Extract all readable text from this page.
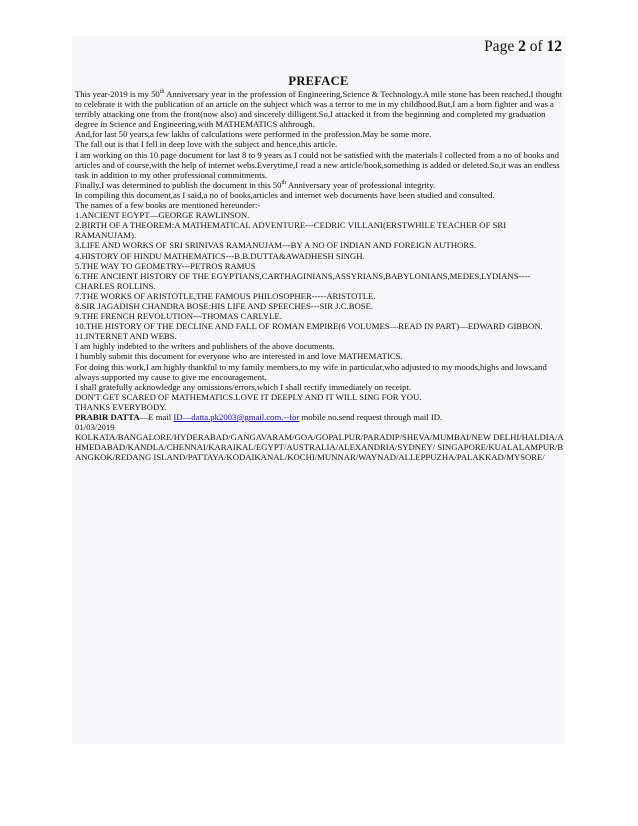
Page 2 of 12
PREFACE

This year-2019 is my 50th Anniversary year in the profession of Engineering,Science & Technology.A mile stone has been reached.I thought to celebrate it with the publication of an article on the subject which was a terror to me in my childhood.But,I am a born fighter and was a terribly attacking one from the front(now also) and sincerely dilligent.So,I attacked it from the beginning and completed my graduation degree in Science and Engineering,with MATHEMATICS althrough.

And,for last 50 years,a few lakhs of calculations were performed in the profession.May be some more.

The fall out is that I fell in deep love with the subject and hence,this article.

I am working on this 10 page document for last 8 to 9 years as I could not be satisfied with the materials I collected from a no of books and articles and of course,with the help of internet webs.Everytime,I read a new article/book,something is added or deleted.So,it was an endless task in addition to my other professional commitments.

Finally,I was determined to publish the document in this 50th Anniversary year of professional integrity.

In compiling this document,as I said,a no of books,articles and internet web documents have been studied and consulted.

The names of a few books are mentioned hereunder:-

1.ANCIENT EGYPT—GEORGE RAWLINSON.

2.BIRTH OF A THEOREM:A MATHEMATICAL ADVENTURE---CEDRIC VILLANI(ERSTWHILE TEACHER OF SRI RAMANUJAM).

3.LIFE AND WORKS OF SRI SRINIVAS RAMANUJAM---BY A NO OF INDIAN AND FOREIGN AUTHORS.

4.HISTORY OF HINDU MATHEMATICS---B.B.DUTTA&AWADHESH SINGH.

5.THE WAY TO GEOMETRY---PETROS RAMUS

6.THE ANCIENT HISTORY OF THE EGYPTIANS,CARTHAGINIANS,ASSYRIANS,BABYLONIANS,MEDES,LYDIANS----CHARLES ROLLINS.

7.THE WORKS OF ARISTOTLE,THE FAMOUS PHILOSOPHER-----ARISTOTLE.

8.SIR JAGADISH CHANDRA BOSE:HIS LIFE AND SPEECHES---SIR J.C.BOSE.

9.THE FRENCH REVOLUTION---THOMAS CARLYLE.

10.THE HISTORY OF THE DECLINE AND FALL OF ROMAN EMPIRE(6 VOLUMES—READ IN PART)—EDWARD GIBBON.

11.INTERNET AND WEBS.

I am highly indebted to the writers and publishers of the above documents.

I humbly submit this document for everyone who are interested in and love MATHEMATICS.

For doing this work,I am highly thankful to my family members,to my wife in particular,who adjusted to my moods,highs and lows,and always supported my cause to give me encouragement.

I shall gratefully acknowledge any omissions/errors,which I shall rectify immediately on receipt.

DON'T GET SCARED OF MATHEMATICS.LOVE IT DEEPLY AND IT WILL SING FOR YOU.

THANKS EVERYBODY.

PRABIR DATTA—E mail ID—datta.pk2003@gmail.com.--for mobile no.send request through mail ID.

01/03/2019

KOLKATA/BANGALORE/HYDERABAD/GANGAVARAM/GOA/GOPALPUR/PARADIP/SHEVA/MUMBAI/NEW DELHI/HALDIA/AHMEDABAD/KANDLA/CHENNAI/KARAIKAL/EGYPT/AUSTRALIA/ALEXANDRIA/SYDNEY/ SINGAPORE/KUALALAMPUR/BANGKOK/REDANG ISLAND/PATTAYA/KODAIKANAL/KOCHI/MUNNAR/WAYNAD/ALLEPPUZHA/PALAKKAD/MYSORE/
